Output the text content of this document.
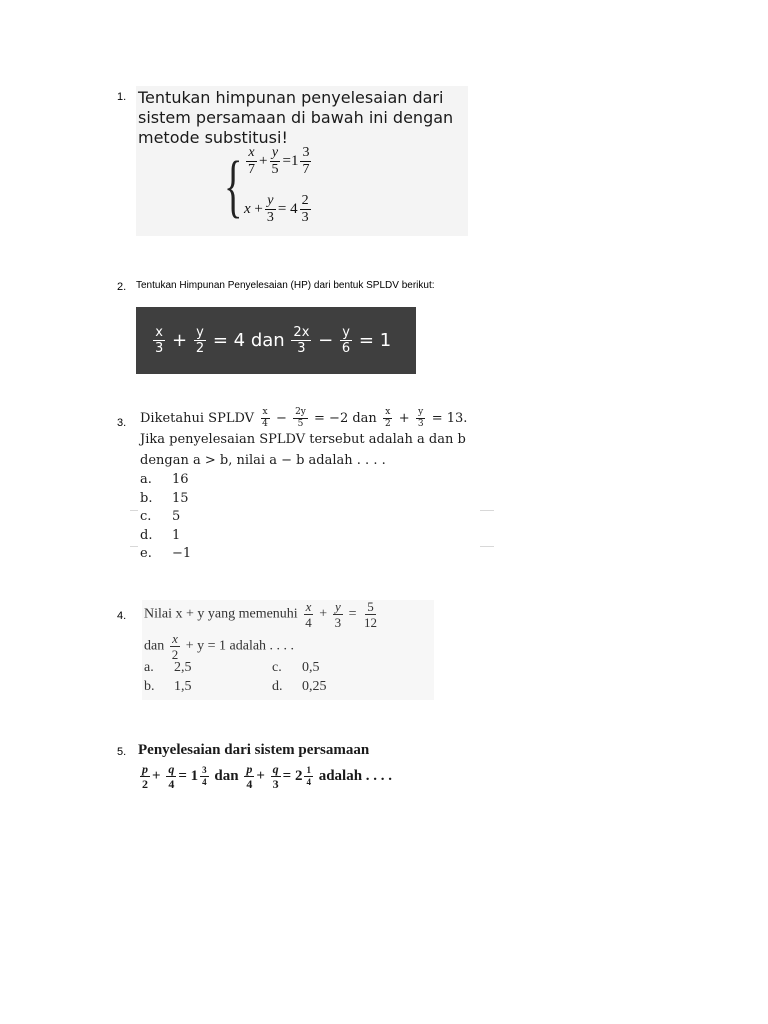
1. Tentukan himpunan penyelesaian dari
sistem persamaan di bawah ini dengan
metode substitusi!
{ $\frac{x}{7} + \frac{y}{5} =1 \frac{3}{7}$
$x + \frac{y}{3} = 4 \frac{2}{3}$
2. Tentukan Himpunan Penyelesaian (HP) dari bentuk SPLDV berikut:
$\frac{x}{3} + \frac{y}{2} = 4$
dan
$\frac{2x}{3} - \frac{y}{6} = 1$
3. Diketahui SPLDV $\frac{x}{4} - \frac{2y}{5} = -2$ dan $\frac{x}{2} + \frac{y}{3} = 13$.
Jika penyelesaian SPLDV tersebut adalah a dan b
dengan a > b, nilai a − b adalah . . . .
a. 16
b. 15
c. 5
d. 1
e. −1
4. Nilai x + y yang memenuhi $\frac{x}{4} + \frac{y}{3} = \frac{5}{12}$
dan $\frac{x}{2} + y = 1$ adalah . . . .
a. 2,5
b. 1,5
c. 0,5
d. 0,25
5. Penyelesaian dari sistem persamaan
$\frac{p}{2} + \frac{q}{4} = 1 \frac{3}{4}$ dan $\frac{p}{4} + \frac{q}{3} = 2 \frac{1}{4}$ adalah . . . .
